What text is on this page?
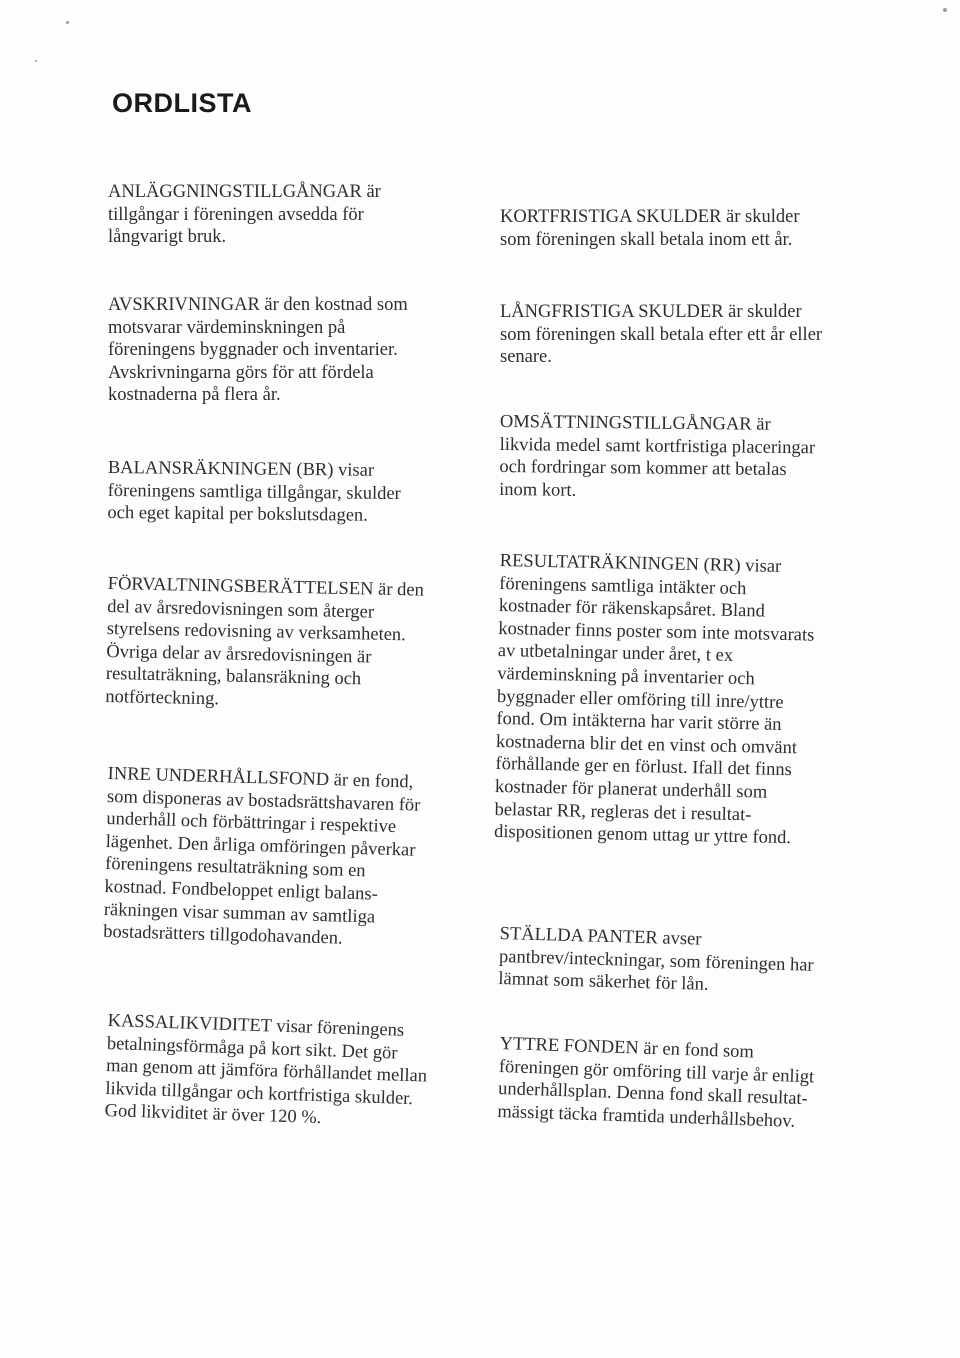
ORDLISTA
ANLÄGGNINGSTILLGÅNGAR är
tillgångar i föreningen avsedda för
långvarigt bruk.
AVSKRIVNINGAR är den kostnad som
motsvarar värdeminskningen på
föreningens byggnader och inventarier.
Avskrivningarna görs för att fördela
kostnaderna på flera år.
BALANSRÄKNINGEN (BR) visar
föreningens samtliga tillgångar, skulder
och eget kapital per bokslutsdagen.
FÖRVALTNINGSBERÄTTELSEN är den
del av årsredovisningen som återger
styrelsens redovisning av verksamheten.
Övriga delar av årsredovisningen är
resultaträkning, balansräkning och
notförteckning.
INRE UNDERHÅLLSFOND är en fond,
som disponeras av bostadsrättshavaren för
underhåll och förbättringar i respektive
lägenhet. Den årliga omföringen påverkar
föreningens resultaträkning som en
kostnad. Fondbeloppet enligt balans-
räkningen visar summan av samtliga
bostadsrätters tillgodohavanden.
KASSALIKVIDITET visar föreningens
betalningsförmåga på kort sikt. Det gör
man genom att jämföra förhållandet mellan
likvida tillgångar och kortfristiga skulder.
God likviditet är över 120 %.
KORTFRISTIGA SKULDER är skulder
som föreningen skall betala inom ett år.
LÅNGFRISTIGA SKULDER är skulder
som föreningen skall betala efter ett år eller
senare.
OMSÄTTNINGSTILLGÅNGAR är
likvida medel samt kortfristiga placeringar
och fordringar som kommer att betalas
inom kort.
RESULTATRÄKNINGEN (RR) visar
föreningens samtliga intäkter och
kostnader för räkenskapsåret. Bland
kostnader finns poster som inte motsvarats
av utbetalningar under året, t ex
värdeminskning på inventarier och
byggnader eller omföring till inre/yttre
fond. Om intäkterna har varit större än
kostnaderna blir det en vinst och omvänt
förhållande ger en förlust. Ifall det finns
kostnader för planerat underhåll som
belastar RR, regleras det i resultat-
dispositionen genom uttag ur yttre fond.
STÄLLDA PANTER avser
pantbrev/inteckningar, som föreningen har
lämnat som säkerhet för lån.
YTTRE FONDEN är en fond som
föreningen gör omföring till varje år enligt
underhållsplan. Denna fond skall resultat-
mässigt täcka framtida underhållsbehov.
